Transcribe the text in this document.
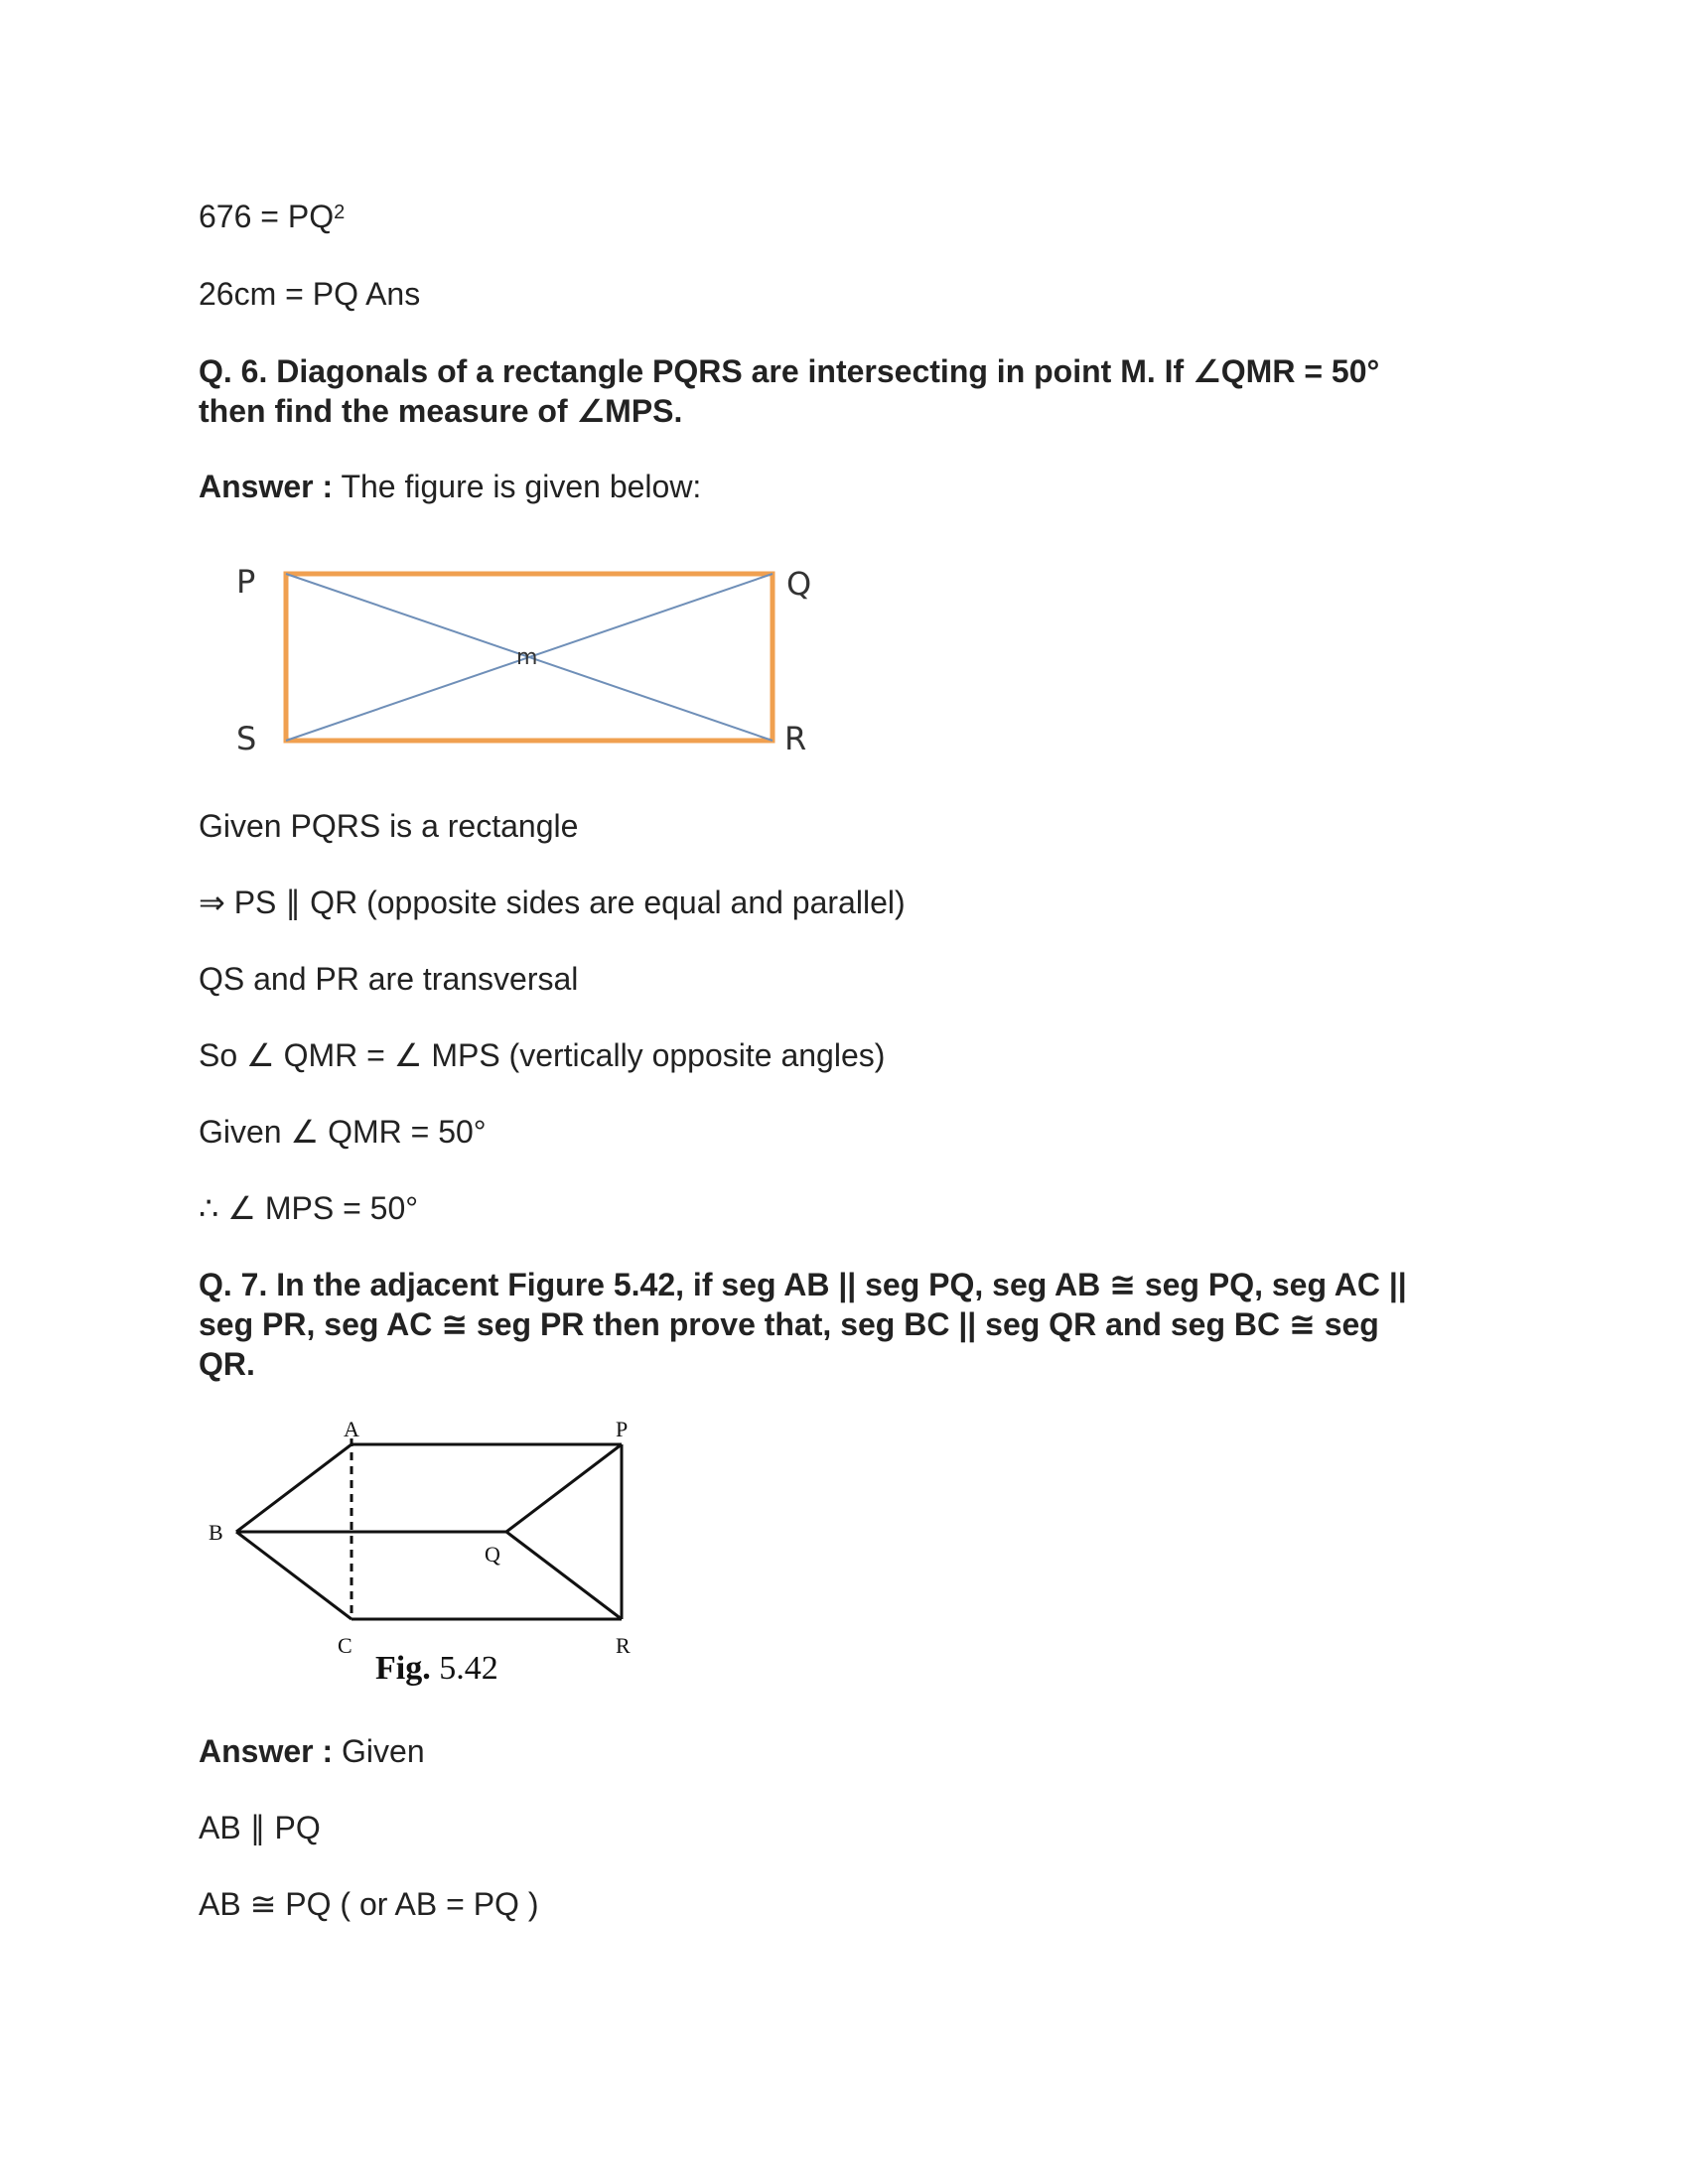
$676 = PQ^2$
26cm = PQ Ans
Q. 6. Diagonals of a rectangle PQRS are intersecting in point M. If ∠QMR = 50°
then find the measure of ∠MPS.
Answer : The figure is given below:
P	Q
S	R
m
Given PQRS is a rectangle
⇒ PS ∥ QR (opposite sides are equal and parallel)
QS and PR are transversal
So ∠ QMR = ∠ MPS (vertically opposite angles)
Given ∠ QMR = 50°
∴ ∠ MPS = 50°
Q. 7. In the adjacent Figure 5.42, if seg AB || seg PQ, seg AB ≅ seg PQ, seg AC ||
seg PR, seg AC ≅ seg PR then prove that, seg BC || seg QR and seg BC ≅ seg
QR.
A	P
B
Q
C	R
Fig. 5.42
Answer : Given
AB ∥ PQ
AB ≅ PQ ( or AB = PQ )
